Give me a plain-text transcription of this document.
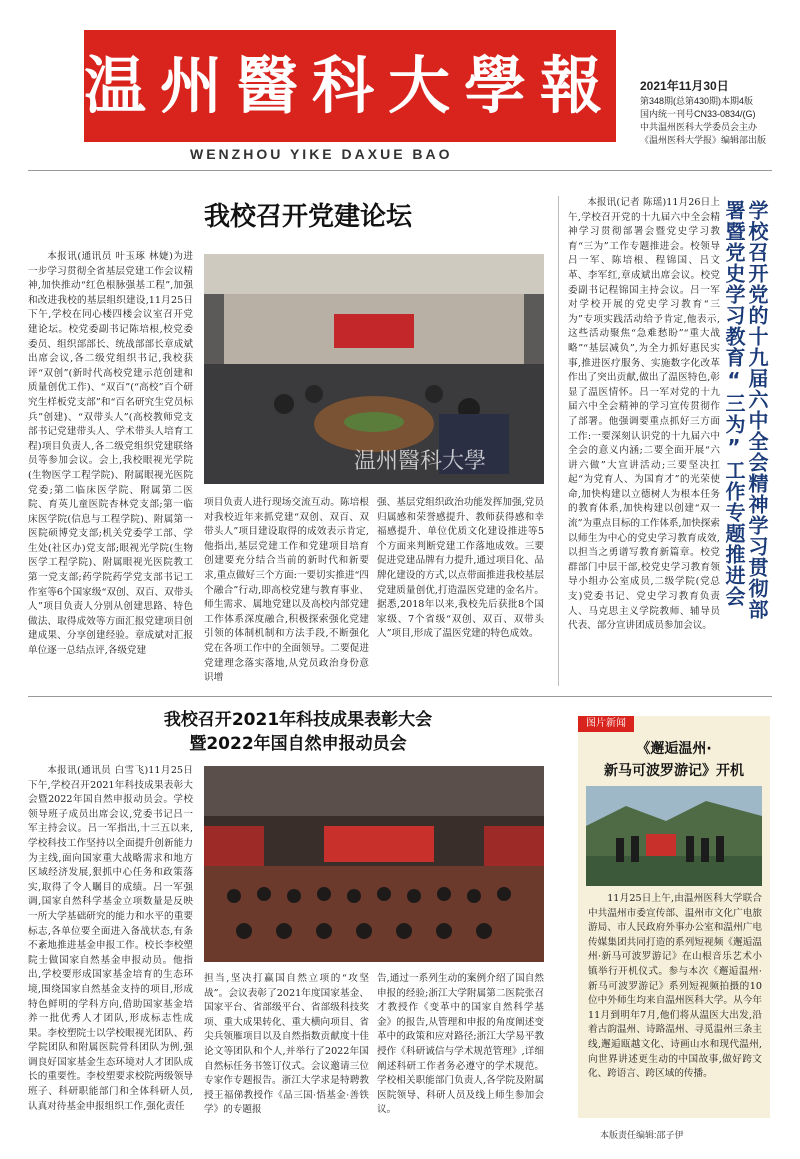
温州醫科大學報
WENZHOU YIKE DAXUE BAO
2021年11月30日
第348期(总第430期)本期4版
国内统一刊号CN33-0834/(G)
中共温州医科大学委员会主办
《温州医科大学报》编辑部出版
我校召开党建论坛

本报讯(通讯员 叶玉琢 林婕)为进一步学习贯彻全省基层党建工作会议精神,加快推动“红色根脉强基工程”,加强和改进我校的基层组织建设,11月25日下午,学校在同心楼四楼会议室召开党建论坛。校党委副书记陈培根,校党委委员、组织部部长、统战部部长章成斌出席会议,各二级党组织书记,我校获评“双创”(新时代高校党建示范创建和质量创优工作)、“双百”(“高校”百个研究生样板党支部”和“百名研究生党员标兵”创建)、“双带头人”(高校教师党支部书记党建带头人、学术带头人培育工程)项目负责人,各二级党组织党建联络员等参加会议。会上,我校眼视光学院(生物医学工程学院)、附属眼视光医院党委;第二临床医学院、附属第二医院、育英儿童医院杏林党支部;第一临床医学院(信息与工程学院)、附属第一医院硕博党支部;机关党委学工部、学生处(社区办)党支部;眼视光学院(生物医学工程学院)、附属眼视光医院教工第一党支部;药学院药学党支部书记工作室等6个国家级“双创、双百、双带头人”项目负责人分别从创建思路、特色做法、取得成效等方面汇报党建项目创建成果、分享创建经验。章成斌对汇报单位逐一总结点评,各级党建

温州醫科大學

项目负责人进行现场交流互动。陈培根对我校近年来抓党建“双创、双百、双带头人”项目建设取得的成效表示肯定,他指出,基层党建工作和党建项目培育创建要充分结合当前的新时代和新要求,重点做好三个方面:一要切实推进“四个融合”行动,即高校党建与教育事业、师生需求、属地党建以及高校内部党建工作体系深度融合,积极探索强化党建引领的体制机制和方法手段,不断强化党在各项工作中的全面领导。二要促进党建理念落实落地,从党员政治身份意识增

强、基层党组织政治功能发挥加强,党员归属感和荣誉感提升、教师获得感和幸福感提升、单位优质文化建设推进等5个方面来判断党建工作落地成效。三要促进党建品牌有力提升,通过项目化、品牌化建设的方式,以点带面推进我校基层党建质量创优,打造温医党建的金名片。据悉,2018年以来,我校先后获批8个国家级、7个省级“双创、双百、双带头人”项目,形成了温医党建的特色成效。

本报讯(记者 陈瑶)11月26日上午,学校召开党的十九届六中全会精神学习贯彻部署会暨党史学习教育“三为”工作专题推进会。校领导吕一军、陈培根、程锦国、吕文革、李军红,章成斌出席会议。校党委副书记程锦国主持会议。吕一军对学校开展的党史学习教育“三为”专项实践活动给予肯定,他表示,这些活动聚焦“急难愁盼”“重大战略”“基层减负”,为全力抓好惠民实事,推进医疗服务、实施数字化改革作出了突出贡献,做出了温医特色,彰显了温医情怀。吕一军对党的十九届六中全会精神的学习宣传贯彻作了部署。他强调要重点抓好三方面工作:一要深刻认识党的十九届六中全会的意义内涵;二要全面开展“六讲六做”大宣讲活动;三要坚决扛起“为党育人、为国育才”的光荣使命,加快构建以立德树人为根本任务的教育体系,加快构建以创建“双一流”为重点目标的工作体系,加快探索以师生为中心的党史学习教育成效,以担当之勇谱写教育新篇章。校党群部门中层干部,校党史学习教育领导小组办公室成员,二级学院(党总支)党委书记、党史学习教育负责人、马克思主义学院教师、辅导员代表、部分宣讲团成员参加会议。

学校召开党的十九届六中全会精神学习贯彻部署暨党史学习教育“三为”工作专题推进会
我校召开2021年科技成果表彰大会
暨2022年国自然申报动员会

本报讯(通讯员 白雪飞)11月25日下午,学校召开2021年科技成果表彰大会暨2022年国自然申报动员会。学校领导班子成员出席会议,党委书记吕一军主持会议。吕一军指出,十三五以来,学校科技工作坚持以全面提升创新能力为主线,面向国家重大战略需求和地方区域经济发展,狠抓中心任务和政策落实,取得了令人瞩目的成绩。吕一军强调,国家自然科学基金立项数量是反映一所大学基础研究的能力和水平的重要标志,各单位要全面进入备战状态,有条不紊地推进基金申报工作。校长李校塑院士做国家自然基金申报动员。他指出,学校要形成国家基金培育的生态环境,围绕国家自然基金支持的项目,形成特色鲜明的学科方向,借助国家基金培养一批优秀人才团队,形成标志性成果。李校塑院士以学校眼视光团队、药学院团队和附属医院骨科团队为例,强调良好国家基金生态环境对人才团队成长的重要性。李校塑要求校院两级领导班子、科研职能部门和全体科研人员,认真对待基金申报组织工作,强化责任

担当,坚决打赢国自然立项的“攻坚战”。会议表彰了2021年度国家基金、国家平台、省部级平台、省部级科技奖项、重大成果转化、重大横向项目、省尖兵领雁项目以及自然指数贡献度十佳论文等团队和个人,并举行了2022年国自然标任务书签订仪式。会议邀请三位专家作专题报告。浙江大学求是特聘教授王福俤教授作《品三国·悟基金·善铁学》的专题报

告,通过一系列生动的案例介绍了国自然申报的经验;浙江大学附属第二医院张召才教授作《变革中的国家自然科学基金》的报告,从管理和申报的角度阐述变革中的政策和应对路径;浙江大学易平教授作《科研诚信与学术规范管理》,详细阐述科研工作者务必遵守的学术规范。学校相关职能部门负责人,各学院及附属医院领导、科研人员及线上师生参加会议。

图片新闻
《邂逅温州·
新马可波罗游记》开机

11月25日上午,由温州医科大学联合中共温州市委宣传部、温州市文化广电旅游局、市人民政府外事办公室和温州广电传媒集团共同打造的系列短视频《邂逅温州·新马可波罗游记》在山根音乐艺术小镇举行开机仪式。参与本次《邂逅温州·新马可波罗游记》系列短视频拍摄的10位中外师生均来自温州医科大学。从今年11月到明年7月,他们将从温医大出发,沿着古韵温州、诗路温州、寻觅温州三条主线,邂逅瓯越文化、诗画山水和现代温州,向世界讲述更生动的中国故事,做好跨文化、跨语言、跨区域的传播。

本版责任编辑:邵子伊
